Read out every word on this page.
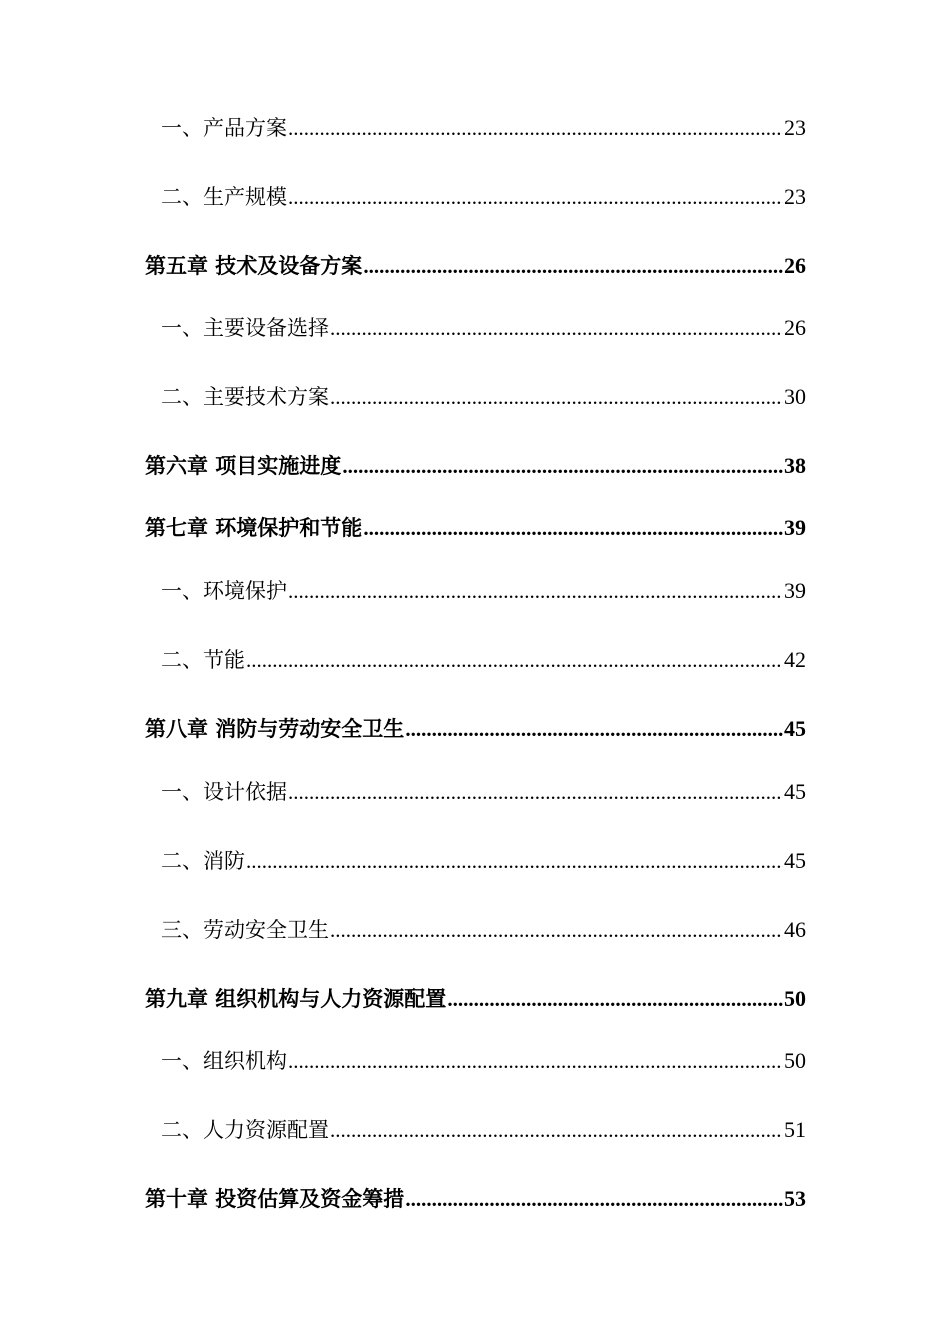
一、产品方案 .....	23
二、生产规模 .....	23
第五章 技术及设备方案 .....	26
一、主要设备选择 .....	26
二、主要技术方案 .....	30
第六章 项目实施进度 .....	38
第七章 环境保护和节能 .....	39
一、环境保护 .....	39
二、节能 .....	42
第八章 消防与劳动安全卫生 .....	45
一、设计依据 .....	45
二、消防 .....	45
三、劳动安全卫生 .....	46
第九章 组织机构与人力资源配置 .....	50
一、组织机构 .....	50
二、人力资源配置 .....	51
第十章 投资估算及资金筹措 .....	53
